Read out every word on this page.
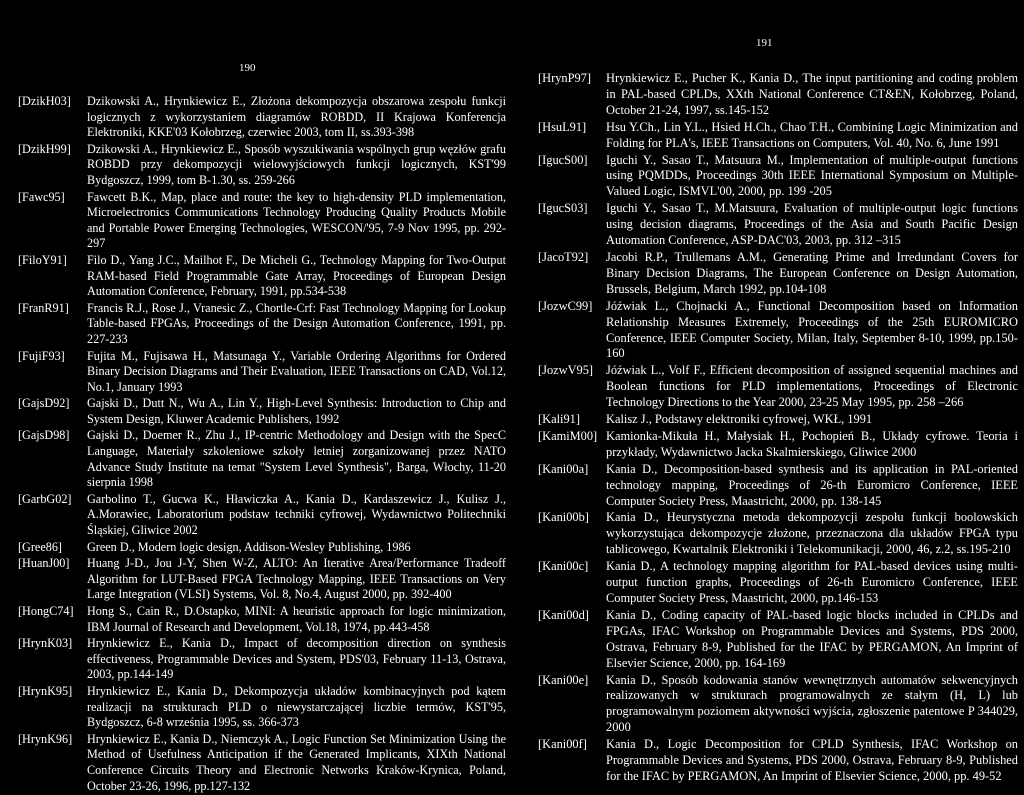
190
[DzikH03]	Dzikowski A., Hrynkiewicz E., Złożona dekompozycja obszarowa zespołu funkcji logicznych z wykorzystaniem diagramów ROBDD, II Krajowa Konferencja Elektroniki, KKE'03 Kołobrzeg, czerwiec 2003, tom II, ss.393-398
[DzikH99]	Dzikowski A., Hrynkiewicz E., Sposób wyszukiwania wspólnych grup węzłów grafu ROBDD przy dekompozycji wielowyjściowych funkcji logicznych, KST'99 Bydgoszcz, 1999, tom B-1.30, ss. 259-266
[Fawc95]	Fawcett B.K., Map, place and route: the key to high-density PLD implementation, Microelectronics Communications Technology Producing Quality Products Mobile and Portable Power Emerging Technologies, WESCON/'95, 7-9 Nov 1995, pp. 292-297
[FiloY91]	Filo D., Yang J.C., Mailhot F., De Micheli G., Technology Mapping for Two-Output RAM-based Field Programmable Gate Array, Proceedings of European Design Automation Conference, February, 1991, pp.534-538
[FranR91]	Francis R.J., Rose J., Vranesic Z., Chortle-Crf: Fast Technology Mapping for Lookup Table-based FPGAs, Proceedings of the Design Automation Conference, 1991, pp. 227-233
[FujiF93]	Fujita M., Fujisawa H., Matsunaga Y., Variable Ordering Algorithms for Ordered Binary Decision Diagrams and Their Evaluation, IEEE Transactions on CAD, Vol.12, No.1, January 1993
[GajsD92]	Gajski D., Dutt N., Wu A., Lin Y., High-Level Synthesis: Introduction to Chip and System Design, Kluwer Academic Publishers, 1992
[GajsD98]	Gajski D., Doemer R., Zhu J., IP-centric Methodology and Design with the SpecC Language, Materiały szkoleniowe szkoły letniej zorganizowanej przez NATO Advance Study Institute na temat "System Level Synthesis", Barga, Włochy, 11-20 sierpnia 1998
[GarbG02]	Garbolino T., Gucwa K., Hławiczka A., Kania D., Kardaszewicz J., Kulisz J., A.Morawiec, Laboratorium podstaw techniki cyfrowej, Wydawnictwo Politechniki Śląskiej, Gliwice 2002
[Gree86]	Green D., Modern logic design, Addison-Wesley Publishing, 1986
[HuanJ00]	Huang J-D., Jou J-Y, Shen W-Z, ALTO: An Iterative Area/Performance Tradeoff Algorithm for LUT-Based FPGA Technology Mapping, IEEE Transactions on Very Large Integration (VLSI) Systems, Vol. 8, No.4, August 2000, pp. 392-400
[HongC74]	Hong S., Cain R., D.Ostapko, MINI: A heuristic approach for logic minimization, IBM Journal of Research and Development, Vol.18, 1974, pp.443-458
[HrynK03]	Hrynkiewicz E., Kania D., Impact of decomposition direction on synthesis effectiveness, Programmable Devices and System, PDS'03, February 11-13, Ostrava, 2003, pp.144-149
[HrynK95]	Hrynkiewicz E., Kania D., Dekompozycja układów kombinacyjnych pod kątem realizacji na strukturach PLD o niewystarczającej liczbie termów, KST'95, Bydgoszcz, 6-8 września 1995, ss. 366-373
[HrynK96]	Hrynkiewicz E., Kania D., Niemczyk A., Logic Function Set Minimization Using the Method of Usefulness Anticipation if the Generated Implicants, XIXth National Conference Circuits Theory and Electronic Networks Kraków-Krynica, Poland, October 23-26, 1996, pp.127-132
191
[HrynP97]	Hrynkiewicz E., Pucher K., Kania D., The input partitioning and coding problem in PAL-based CPLDs, XXth National Conference CT&EN, Kołobrzeg, Poland, October 21-24, 1997, ss.145-152
[HsuL91]	Hsu Y.Ch., Lin Y.L., Hsied H.Ch., Chao T.H., Combining Logic Minimization and Folding for PLA's, IEEE Transactions on Computers, Vol. 40, No. 6, June 1991
[IgucS00]	Iguchi Y., Sasao T., Matsuura M., Implementation of multiple-output functions using PQMDDs, Proceedings 30th IEEE International Symposium on Multiple-Valued Logic, ISMVL'00, 2000, pp. 199 -205
[IgucS03]	Iguchi Y., Sasao T., M.Matsuura, Evaluation of multiple-output logic functions using decision diagrams, Proceedings of the Asia and South Pacific Design Automation Conference, ASP-DAC'03, 2003, pp. 312 –315
[JacoT92]	Jacobi R.P., Trullemans A.M., Generating Prime and Irredundant Covers for Binary Decision Diagrams, The European Conference on Design Automation, Brussels, Belgium, March 1992, pp.104-108
[JozwC99]	Jóźwiak L., Chojnacki A., Functional Decomposition based on Information Relationship Measures Extremely, Proceedings of the 25th EUROMICRO Conference, IEEE Computer Society, Milan, Italy, September 8-10, 1999, pp.150-160
[JozwV95]	Jóźwiak L., Volf F., Efficient decomposition of assigned sequential machines and Boolean functions for PLD implementations, Proceedings of Electronic Technology Directions to the Year 2000, 23-25 May 1995, pp. 258 –266
[Kali91]	Kalisz J., Podstawy elektroniki cyfrowej, WKŁ, 1991
[KamiM00] Kamionka-Mikuła H., Małysiak H., Pochopień B., Układy cyfrowe. Teoria i przykłady, Wydawnictwo Jacka Skalmierskiego, Gliwice 2000
[Kani00a]	Kania D., Decomposition-based synthesis and its application in PAL-oriented technology mapping, Proceedings of 26-th Euromicro Conference, IEEE Computer Society Press, Maastricht, 2000, pp. 138-145
[Kani00b]	Kania D., Heurystyczna metoda dekompozycji zespołu funkcji boolowskich wykorzystująca dekompozycje złożone, przeznaczona dla układów FPGA typu tablicowego, Kwartalnik Elektroniki i Telekomunikacji, 2000, 46, z.2, ss.195-210
[Kani00c]	Kania D., A technology mapping algorithm for PAL-based devices using multi-output function graphs, Proceedings of 26-th Euromicro Conference, IEEE Computer Society Press, Maastricht, 2000, pp.146-153
[Kani00d]	Kania D., Coding capacity of PAL-based logic blocks included in CPLDs and FPGAs, IFAC Workshop on Programmable Devices and Systems, PDS 2000, Ostrava, February 8-9, Published for the IFAC by PERGAMON, An Imprint of Elsevier Science, 2000, pp. 164-169
[Kani00e]	Kania D., Sposób kodowania stanów wewnętrznych automatów sekwencyjnych realizowanych w strukturach programowalnych ze stałym (H, L) lub programowalnym poziomem aktywności wyjścia, zgłoszenie patentowe P 344029, 2000
[Kani00f]	Kania D., Logic Decomposition for CPLD Synthesis, IFAC Workshop on Programmable Devices and Systems, PDS 2000, Ostrava, February 8-9, Published for the IFAC by PERGAMON, An Imprint of Elsevier Science, 2000, pp. 49-52
